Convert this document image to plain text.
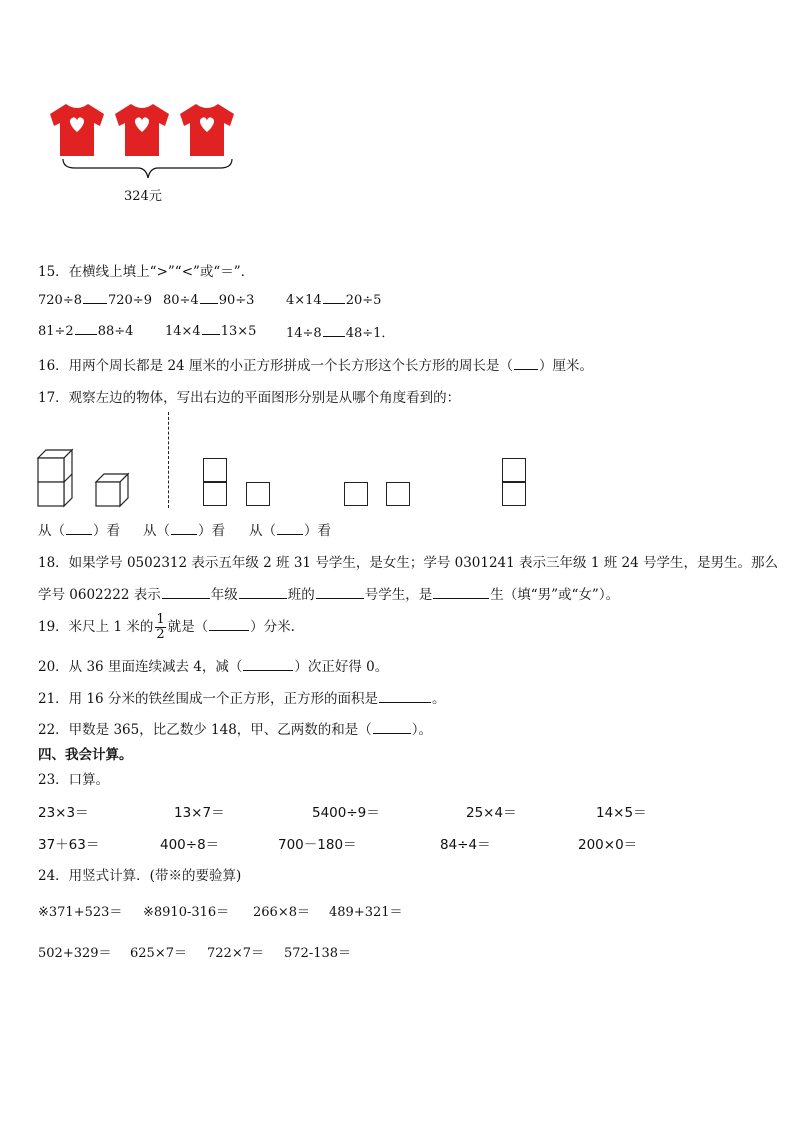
324元
15．在横线上填上“>”“<”或“＝”．
720÷8 720÷9 80÷4 90÷3 4×14 20÷5
81÷2 88÷4 14×4 13×5 14÷8 48÷1．
16．用两个周长都是 24 厘米的小正方形拼成一个长方形这个长方形的周长是（ ）厘米。
17．观察左边的物体，写出右边的平面图形分别是从哪个角度看到的：
从（ ）看 从（ ）看 从（ ）看
18．如果学号 0502312 表示五年级 2 班 31 号学生，是女生；学号 0301241 表示三年级 1 班 24 号学生，是男生。那么
学号 0602222 表示	年级	班的	号学生，是	生（填“男”或“女”）。
19．米尺上 1 米的 $\frac{1}{2}$ 就是（	）分米.
20．从 36 里面连续减去 4，减（	）次正好得 0。
21．用 16 分米的铁丝围成一个正方形，正方形的面积是	。
22．甲数是 365，比乙数少 148，甲、乙两数的和是（	）。
四、我会计算。
23．口算。
23×3＝	13×7＝	5400÷9＝	25×4＝	14×5＝
37＋63＝	400÷8＝	700－180＝	84÷4＝	200×0＝
24．用竖式计算．(带※的要验算)
※371+523＝ ※8910-316＝ 266×8＝ 489+321＝
502+329＝ 625×7＝ 722×7＝ 572-138＝
